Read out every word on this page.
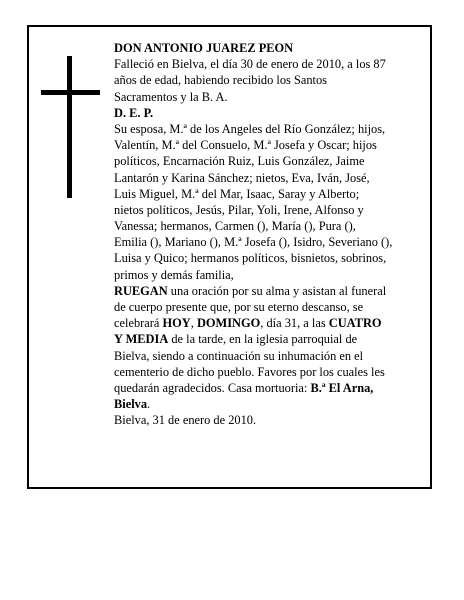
DON ANTONIO JUAREZ PEON
Falleció en Bielva, el día 30 de enero de 2010, a los 87
años de edad, habiendo recibido los Santos
Sacramentos y la B. A.
D. E. P.
Su esposa, M.ª de los Angeles del Río González; hijos,
Valentín, M.ª del Consuelo, M.ª Josefa y Oscar; hijos
políticos, Encarnación Ruiz, Luis González, Jaime
Lantarón y Karina Sánchez; nietos, Eva, Iván, José,
Luis Miguel, M.ª del Mar, Isaac, Saray y Alberto;
nietos políticos, Jesús, Pilar, Yoli, Irene, Alfonso y
Vanessa; hermanos, Carmen (), María (), Pura (),
Emilia (), Mariano (), M.ª Josefa (), Isidro, Severiano (),
Luisa y Quico; hermanos políticos, bisnietos, sobrinos,
primos y demás familia,
RUEGAN una oración por su alma y asistan al funeral
de cuerpo presente que, por su eterno descanso, se
celebrará HOY, DOMINGO, día 31, a las CUATRO
Y MEDIA de la tarde, en la iglesia parroquial de
Bielva, siendo a continuación su inhumación en el
cementerio de dicho pueblo. Favores por los cuales les
quedarán agradecidos. Casa mortuoria: B.ª El Arna,
Bielva.
Bielva, 31 de enero de 2010.
